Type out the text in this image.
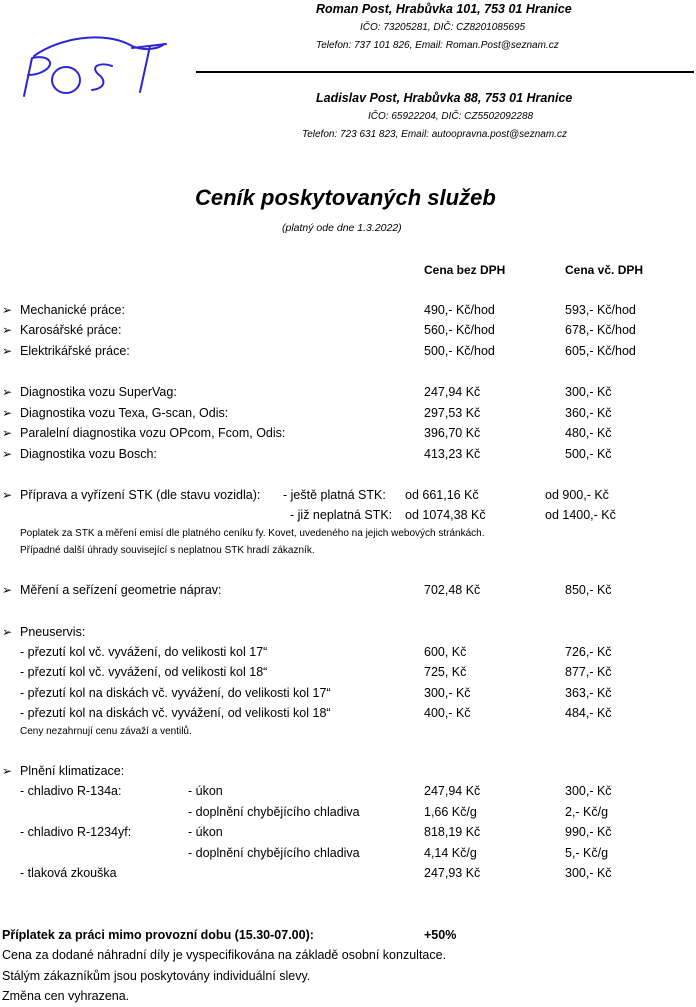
Roman Post, Hrabůvka 101, 753 01 Hranice
IČO: 73205281, DIČ: CZ8201085695
Telefon: 737 101 826, Email: Roman.Post@seznam.cz
Ladislav Post, Hrabůvka 88, 753 01 Hranice
IČO: 65922204, DIČ: CZ5502092288
Telefon: 723 631 823, Email: autoopravna.post@seznam.cz
Ceník poskytovaných služeb
(platný ode dne 1.3.2022)
Cena bez DPH	Cena vč. DPH
➢ Mechanické práce:	490,- Kč/hod	593,- Kč/hod
➢ Karosářské práce:	560,- Kč/hod	678,- Kč/hod
➢ Elektrikářské práce:	500,- Kč/hod	605,- Kč/hod
➢ Diagnostika vozu SuperVag:	247,94 Kč	300,- Kč
➢ Diagnostika vozu Texa, G-scan, Odis:	297,53 Kč	360,- Kč
➢ Paralelní diagnostika vozu OPcom, Fcom, Odis:	396,70 Kč	480,- Kč
➢ Diagnostika vozu Bosch:	413,23 Kč	500,- Kč
➢ Příprava a vyřízení STK (dle stavu vozidla): - ještě platná STK: od 661,16 Kč	od 900,- Kč
- již neplatná STK: od 1074,38 Kč	od 1400,- Kč
Poplatek za STK a měření emisí dle platného ceníku fy. Kovet, uvedeného na jejich webových stránkách.
Případné další úhrady související s neplatnou STK hradí zákazník.
➢ Měření a seřízení geometrie náprav:	702,48 Kč	850,- Kč
➢ Pneuservis:
- přezutí kol vč. vyvážení, do velikosti kol 17“	600, Kč	726,- Kč
- přezutí kol vč. vyvážení, od velikosti kol 18“	725, Kč	877,- Kč
- přezutí kol na diskách vč. vyvážení, do velikosti kol 17“	300,- Kč	363,- Kč
- přezutí kol na diskách vč. vyvážení, od velikosti kol 18“	400,- Kč	484,- Kč
Ceny nezahrnují cenu závaží a ventilů.
➢ Plnění klimatizace:
- chladivo R-134a:	- úkon	247,94 Kč	300,- Kč
- doplnění chybějícího chladiva	1,66 Kč/g	2,- Kč/g
- chladivo R-1234yf:	- úkon	818,19 Kč	990,- Kč
- doplnění chybějícího chladiva	4,14 Kč/g	5,- Kč/g
- tlaková zkouška	247,93 Kč	300,- Kč
Příplatek za práci mimo provozní dobu (15.30-07.00):	+50%
Cena za dodané náhradní díly je vyspecifikována na základě osobní konzultace.
Stálým zákazníkům jsou poskytovány individuální slevy.
Změna cen vyhrazena.
